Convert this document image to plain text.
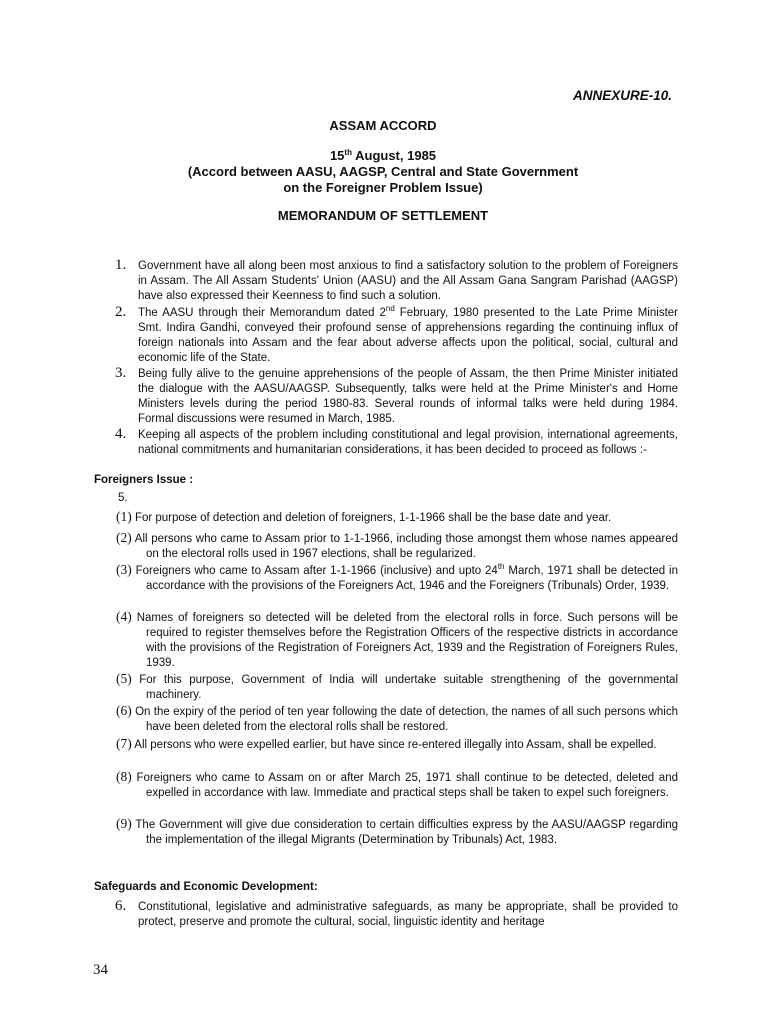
ANNEXURE-10.
ASSAM ACCORD
15th August, 1985
(Accord between AASU, AAGSP, Central and State Government
on the Foreigner Problem Issue)
MEMORANDUM OF SETTLEMENT
1. Government have all along been most anxious to find a satisfactory solution to the problem of Foreigners in Assam. The All Assam Students' Union (AASU) and the All Assam Gana Sangram Parishad (AAGSP) have also expressed their Keenness to find such a solution.
2. The AASU through their Memorandum dated 2nd February, 1980 presented to the Late Prime Minister Smt. Indira Gandhi, conveyed their profound sense of apprehensions regarding the continuing influx of foreign nationals into Assam and the fear about adverse affects upon the political, social, cultural and economic life of the State.
3. Being fully alive to the genuine apprehensions of the people of Assam, the then Prime Minister initiated the dialogue with the AASU/AAGSP. Subsequently, talks were held at the Prime Minister's and Home Ministers levels during the period 1980-83. Several rounds of informal talks were held during 1984. Formal discussions were resumed in March, 1985.
4. Keeping all aspects of the problem including constitutional and legal provision, international agreements, national commitments and humanitarian considerations, it has been decided to proceed as follows :-
Foreigners Issue :
5.
(1) For purpose of detection and deletion of foreigners, 1-1-1966 shall be the base date and year.
(2) All persons who came to Assam prior to 1-1-1966, including those amongst them whose names appeared on the electoral rolls used in 1967 elections, shall be regularized.
(3) Foreigners who came to Assam after 1-1-1966 (inclusive) and upto 24th March, 1971 shall be detected in accordance with the provisions of the Foreigners Act, 1946 and the Foreigners (Tribunals) Order, 1939.
(4) Names of foreigners so detected will be deleted from the electoral rolls in force. Such persons will be required to register themselves before the Registration Officers of the respective districts in accordance with the provisions of the Registration of Foreigners Act, 1939 and the Registration of Foreigners Rules, 1939.
(5) For this purpose, Government of India will undertake suitable strengthening of the governmental machinery.
(6) On the expiry of the period of ten year following the date of detection, the names of all such persons which have been deleted from the electoral rolls shall be restored.
(7) All persons who were expelled earlier, but have since re-entered illegally into Assam, shall be expelled.
(8) Foreigners who came to Assam on or after March 25, 1971 shall continue to be detected, deleted and expelled in accordance with law. Immediate and practical steps shall be taken to expel such foreigners.
(9) The Government will give due consideration to certain difficulties express by the AASU/AAGSP regarding the implementation of the illegal Migrants (Determination by Tribunals) Act, 1983.
Safeguards and Economic Development:
6. Constitutional, legislative and administrative safeguards, as many be appropriate, shall be provided to protect, preserve and promote the cultural, social, linguistic identity and heritage
34
